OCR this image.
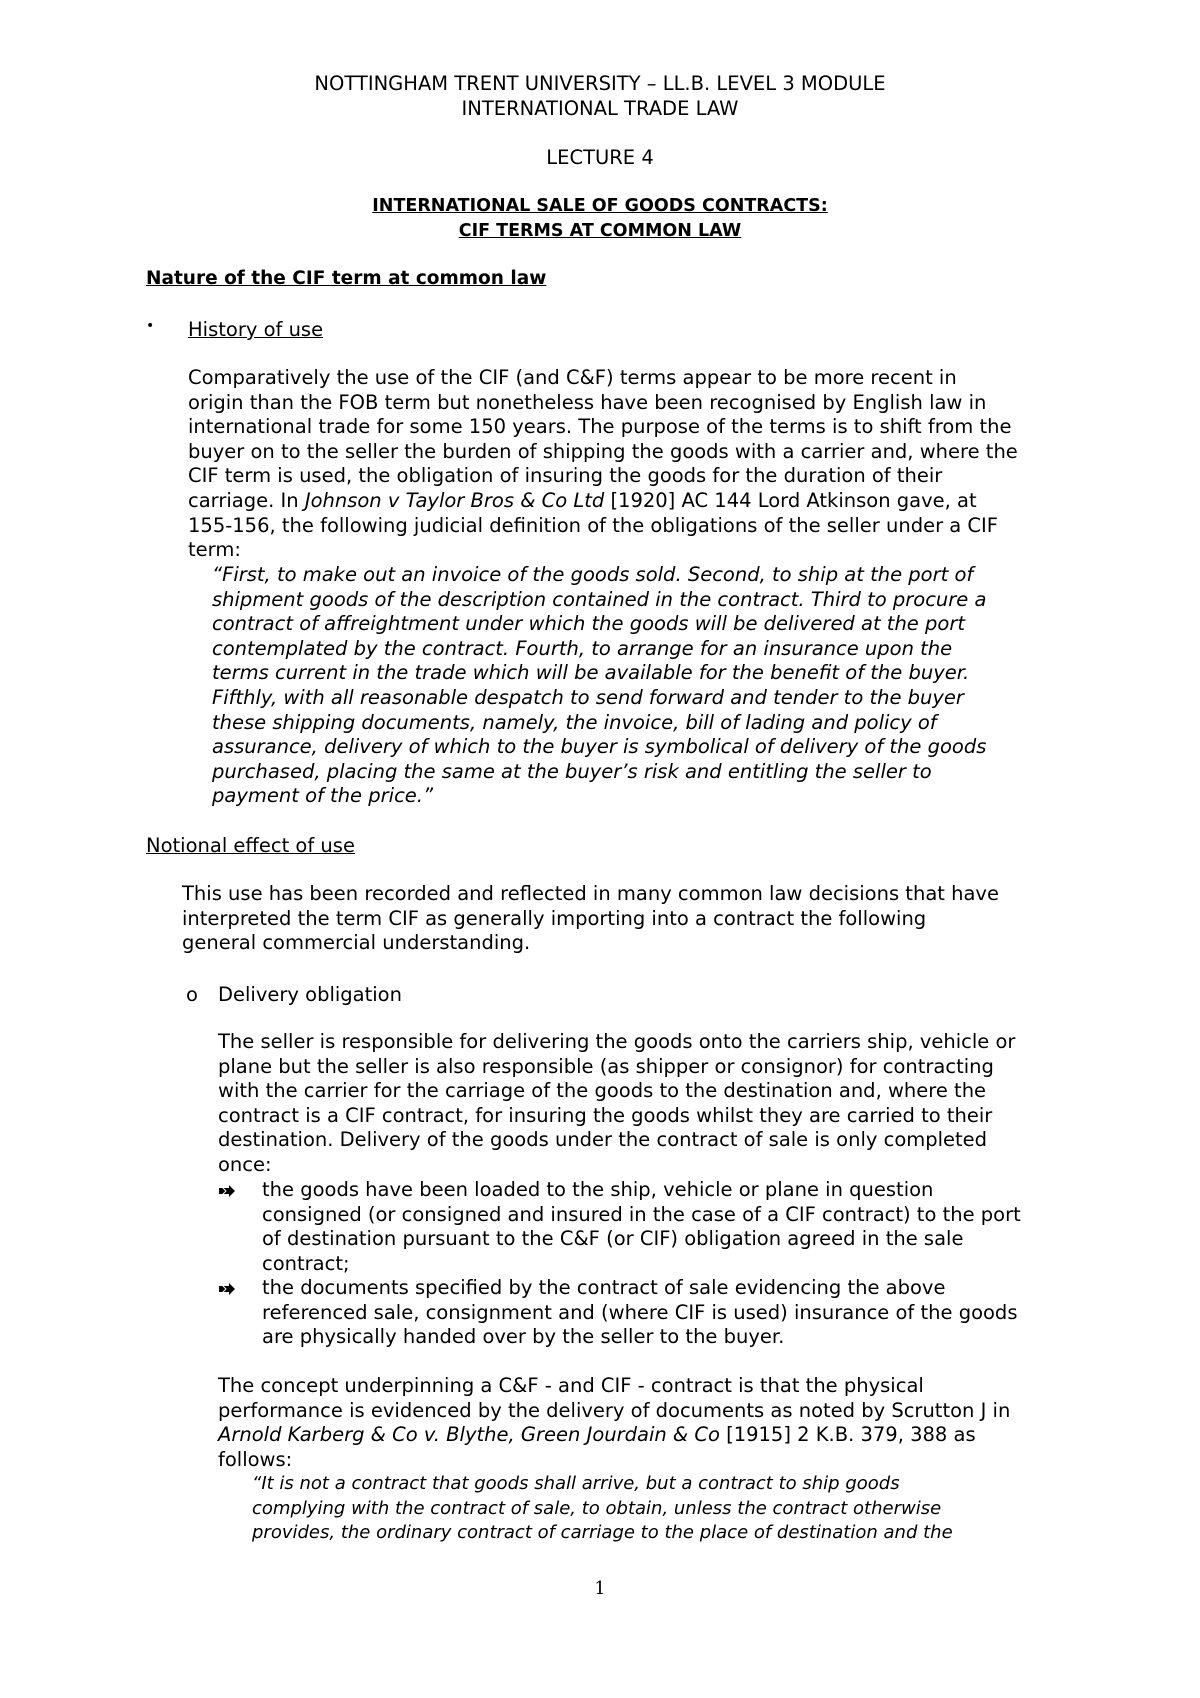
NOTTINGHAM TRENT UNIVERSITY – LL.B. LEVEL 3 MODULE
INTERNATIONAL TRADE LAW
LECTURE 4
INTERNATIONAL SALE OF GOODS CONTRACTS:
CIF TERMS AT COMMON LAW
Nature of the CIF term at common law
• History of use
Comparatively the use of the CIF (and C&F) terms appear to be more recent in
origin than the FOB term but nonetheless have been recognised by English law in
international trade for some 150 years. The purpose of the terms is to shift from the
buyer on to the seller the burden of shipping the goods with a carrier and, where the
CIF term is used, the obligation of insuring the goods for the duration of their
carriage. In Johnson v Taylor Bros & Co Ltd [1920] AC 144 Lord Atkinson gave, at
155-156, the following judicial definition of the obligations of the seller under a CIF
term:
“First, to make out an invoice of the goods sold. Second, to ship at the port of
shipment goods of the description contained in the contract. Third to procure a
contract of affreightment under which the goods will be delivered at the port
contemplated by the contract. Fourth, to arrange for an insurance upon the
terms current in the trade which will be available for the benefit of the buyer.
Fifthly, with all reasonable despatch to send forward and tender to the buyer
these shipping documents, namely, the invoice, bill of lading and policy of
assurance, delivery of which to the buyer is symbolical of delivery of the goods
purchased, placing the same at the buyer’s risk and entitling the seller to
payment of the price.”
Notional effect of use
This use has been recorded and reflected in many common law decisions that have
interpreted the term CIF as generally importing into a contract the following
general commercial understanding.
o Delivery obligation
The seller is responsible for delivering the goods onto the carriers ship, vehicle or
plane but the seller is also responsible (as shipper or consignor) for contracting
with the carrier for the carriage of the goods to the destination and, where the
contract is a CIF contract, for insuring the goods whilst they are carried to their
destination. Delivery of the goods under the contract of sale is only completed
once:
the goods have been loaded to the ship, vehicle or plane in question
consigned (or consigned and insured in the case of a CIF contract) to the port
of destination pursuant to the C&F (or CIF) obligation agreed in the sale
contract;
the documents specified by the contract of sale evidencing the above
referenced sale, consignment and (where CIF is used) insurance of the goods
are physically handed over by the seller to the buyer.
The concept underpinning a C&F - and CIF - contract is that the physical
performance is evidenced by the delivery of documents as noted by Scrutton J in
Arnold Karberg & Co v. Blythe, Green Jourdain & Co [1915] 2 K.B. 379, 388 as
follows:
“It is not a contract that goods shall arrive, but a contract to ship goods
complying with the contract of sale, to obtain, unless the contract otherwise
provides, the ordinary contract of carriage to the place of destination and the
1
